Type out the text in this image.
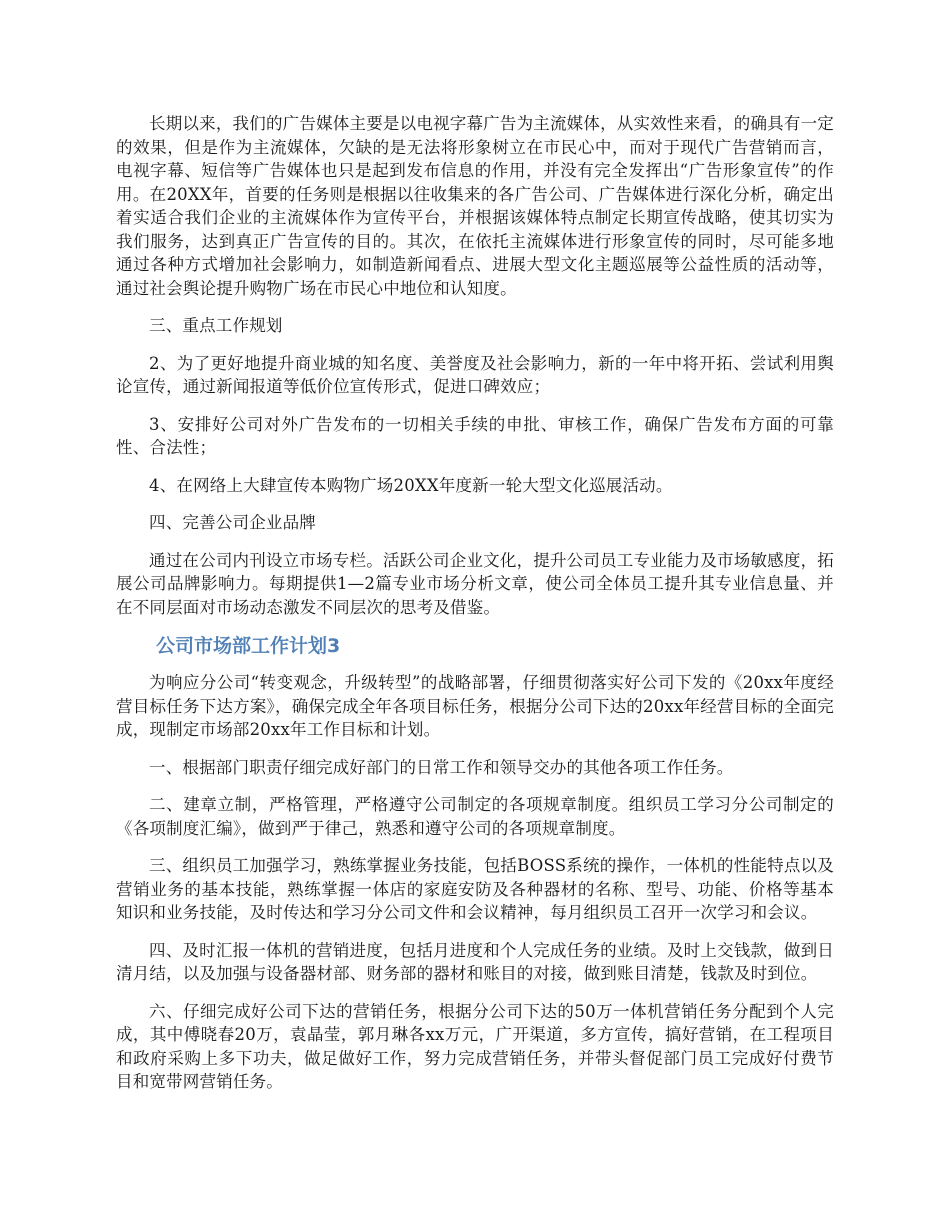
长期以来，我们的广告媒体主要是以电视字幕广告为主流媒体，从实效性来看，的确具有一定的效果，但是作为主流媒体，欠缺的是无法将形象树立在市民心中，而对于现代广告营销而言，电视字幕、短信等广告媒体也只是起到发布信息的作用，并没有完全发挥出“广告形象宣传”的作用。在20XX年，首要的任务则是根据以往收集来的各广告公司、广告媒体进行深化分析，确定出着实适合我们企业的主流媒体作为宣传平台，并根据该媒体特点制定长期宣传战略，使其切实为我们服务，达到真正广告宣传的目的。其次，在依托主流媒体进行形象宣传的同时，尽可能多地通过各种方式增加社会影响力，如制造新闻看点、进展大型文化主题巡展等公益性质的活动等，通过社会舆论提升购物广场在市民心中地位和认知度。

三、重点工作规划

2、为了更好地提升商业城的知名度、美誉度及社会影响力，新的一年中将开拓、尝试利用舆论宣传，通过新闻报道等低价位宣传形式，促进口碑效应；

3、安排好公司对外广告发布的一切相关手续的申批、审核工作，确保广告发布方面的可靠性、合法性；

4、在网络上大肆宣传本购物广场20XX年度新一轮大型文化巡展活动。

四、完善公司企业品牌

通过在公司内刊设立市场专栏。活跃公司企业文化，提升公司员工专业能力及市场敏感度，拓展公司品牌影响力。每期提供1—2篇专业市场分析文章，使公司全体员工提升其专业信息量、并在不同层面对市场动态激发不同层次的思考及借鉴。

公司市场部工作计划3

为响应分公司“转变观念，升级转型”的战略部署，仔细贯彻落实好公司下发的《20xx年度经营目标任务下达方案》，确保完成全年各项目标任务，根据分公司下达的20xx年经营目标的全面完成，现制定市场部20xx年工作目标和计划。

一、根据部门职责仔细完成好部门的日常工作和领导交办的其他各项工作任务。

二、建章立制，严格管理，严格遵守公司制定的各项规章制度。组织员工学习分公司制定的《各项制度汇编》，做到严于律己，熟悉和遵守公司的各项规章制度。

三、组织员工加强学习，熟练掌握业务技能，包括BOSS系统的操作，一体机的性能特点以及营销业务的基本技能，熟练掌握一体店的家庭安防及各种器材的名称、型号、功能、价格等基本知识和业务技能，及时传达和学习分公司文件和会议精神，每月组织员工召开一次学习和会议。

四、及时汇报一体机的营销进度，包括月进度和个人完成任务的业绩。及时上交钱款，做到日清月结，以及加强与设备器材部、财务部的器材和账目的对接，做到账目清楚，钱款及时到位。

六、仔细完成好公司下达的营销任务，根据分公司下达的50万一体机营销任务分配到个人完成，其中傅晓春20万，袁晶莹，郭月琳各xx万元，广开渠道，多方宣传，搞好营销，在工程项目和政府采购上多下功夫，做足做好工作，努力完成营销任务，并带头督促部门员工完成好付费节目和宽带网营销任务。
